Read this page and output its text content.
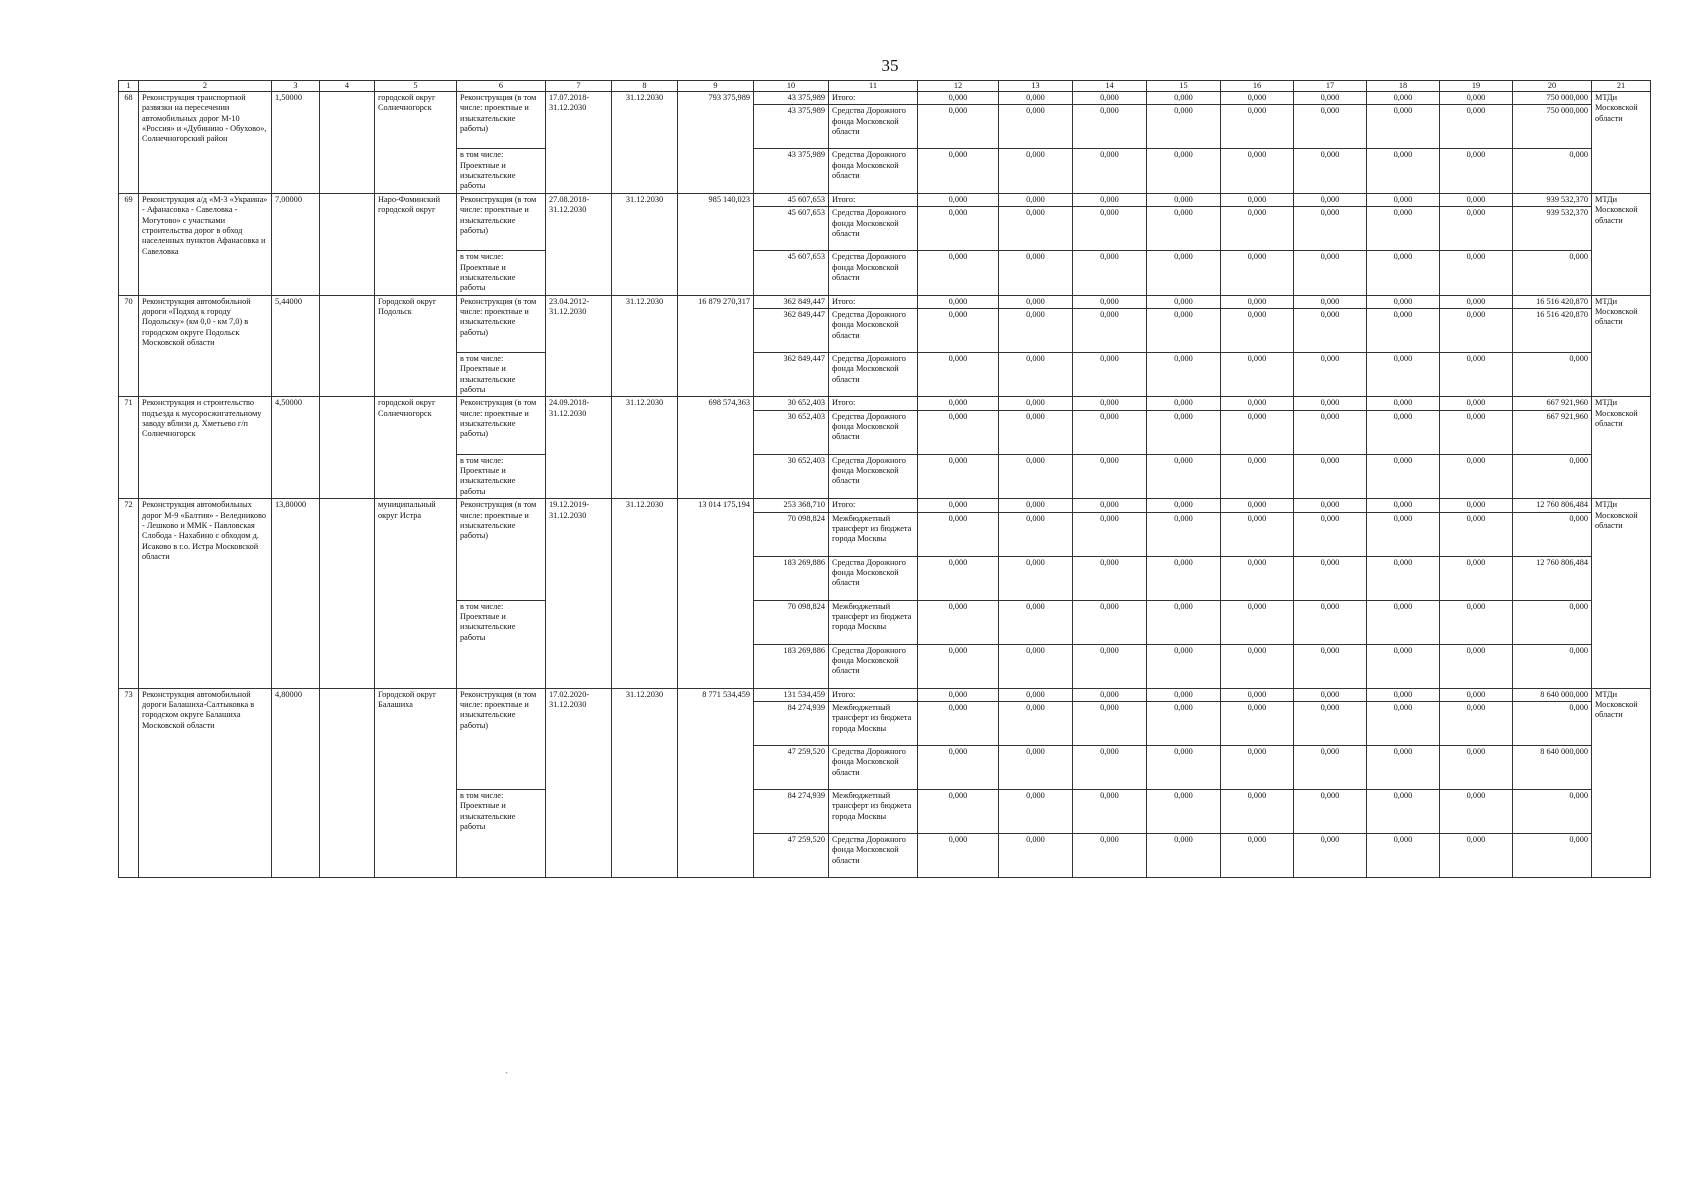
35
1	2	3	4	5	6	7	8	9	10	11	12	13	14	15	16	17	18	19	20	21
68	Реконструкция транспортной развязки на пересечении автомобильных дорог М-10 «Россия» и «Дубинино - Обухово», Солнечногорский район	1,50000		городской округ Солнечногорск	Реконструкция (в том числе: проектные и изыскательские работы)	17.07.2018-31.12.2030	31.12.2030	793 375,989	43 375,989	Итого:	0,000	0,000	0,000	0,000	0,000	0,000	0,000	0,000	750 000,000	МТДи Московской области
									43 375,989	Средства Дорожного фонда Московской области	0,000	0,000	0,000	0,000	0,000	0,000	0,000	0,000	750 000,000	
					в том числе: Проектные и изыскательские работы				43 375,989	Средства Дорожного фонда Московской области	0,000	0,000	0,000	0,000	0,000	0,000	0,000	0,000	0,000	
69	Реконструкция а/д «М-3 «Украина» - Афанасовка - Савеловка - Могутово» с участками строительства дорог в обход населенных пунктов Афанасовка и Савеловка	7,00000		Наро-Фоминский городской округ	Реконструкция (в том числе: проектные и изыскательские работы)	27.08.2018-31.12.2030	31.12.2030	985 140,023	45 607,653	Итого:	0,000	0,000	0,000	0,000	0,000	0,000	0,000	0,000	939 532,370	МТДи Московской области
									45 607,653	Средства Дорожного фонда Московской области	0,000	0,000	0,000	0,000	0,000	0,000	0,000	0,000	939 532,370	
					в том числе: Проектные и изыскательские работы				45 607,653	Средства Дорожного фонда Московской области	0,000	0,000	0,000	0,000	0,000	0,000	0,000	0,000	0,000	
70	Реконструкция автомобильной дороги «Подход к городу Подольску» (км 0,0 - км 7,0) в городском округе Подольск Московской области	5,44000		Городской округ Подольск	Реконструкция (в том числе: проектные и изыскательские работы)	23.04.2012-31.12.2030	31.12.2030	16 879 270,317	362 849,447	Итого:	0,000	0,000	0,000	0,000	0,000	0,000	0,000	0,000	16 516 420,870	МТДи Московской области
									362 849,447	Средства Дорожного фонда Московской области	0,000	0,000	0,000	0,000	0,000	0,000	0,000	0,000	16 516 420,870	
					в том числе: Проектные и изыскательские работы				362 849,447	Средства Дорожного фонда Московской области	0,000	0,000	0,000	0,000	0,000	0,000	0,000	0,000	0,000	
71	Реконструкция и строительство подъезда к мусоросжигательному заводу вблизи д. Хметьево г/п Солнечногорск	4,50000		городской округ Солнечногорск	Реконструкция (в том числе: проектные и изыскательские работы)	24.09.2018-31.12.2030	31.12.2030	698 574,363	30 652,403	Итого:	0,000	0,000	0,000	0,000	0,000	0,000	0,000	0,000	667 921,960	МТДи Московской области
									30 652,403	Средства Дорожного фонда Московской области	0,000	0,000	0,000	0,000	0,000	0,000	0,000	0,000	667 921,960	
					в том числе: Проектные и изыскательские работы				30 652,403	Средства Дорожного фонда Московской области	0,000	0,000	0,000	0,000	0,000	0,000	0,000	0,000	0,000	
72	Реконструкция автомобильных дорог М-9 «Балтия» - Веледниково - Лешково и ММК - Павловская Слобода - Нахабино с обходом д. Исаково в г.о. Истра Московской области	13,80000		муниципальный округ Истра	Реконструкция (в том числе: проектные и изыскательские работы)	19.12.2019-31.12.2030	31.12.2030	13 014 175,194	253 368,710	Итого:	0,000	0,000	0,000	0,000	0,000	0,000	0,000	0,000	12 760 806,484	МТДи Московской области
									70 098,824	Межбюджетный трансферт из бюджета города Москвы	0,000	0,000	0,000	0,000	0,000	0,000	0,000	0,000	0,000	
									183 269,886	Средства Дорожного фонда Московской области	0,000	0,000	0,000	0,000	0,000	0,000	0,000	0,000	12 760 806,484	
					в том числе: Проектные и изыскательские работы				70 098,824	Межбюджетный трансферт из бюджета города Москвы	0,000	0,000	0,000	0,000	0,000	0,000	0,000	0,000	0,000	
									183 269,886	Средства Дорожного фонда Московской области	0,000	0,000	0,000	0,000	0,000	0,000	0,000	0,000	0,000	
73	Реконструкция автомобильной дороги Балашиха-Салтыковка в городском округе Балашиха Московской области	4,80000		Городской округ Балашиха	Реконструкция (в том числе: проектные и изыскательские работы)	17.02.2020-31.12.2030	31.12.2030	8 771 534,459	131 534,459	Итого:	0,000	0,000	0,000	0,000	0,000	0,000	0,000	0,000	8 640 000,000	МТДи Московской области
									84 274,939	Межбюджетный трансферт из бюджета города Москвы	0,000	0,000	0,000	0,000	0,000	0,000	0,000	0,000	0,000	
									47 259,520	Средства Дорожного фонда Московской области	0,000	0,000	0,000	0,000	0,000	0,000	0,000	0,000	8 640 000,000	
					в том числе: Проектные и изыскательские работы				84 274,939	Межбюджетный трансферт из бюджета города Москвы	0,000	0,000	0,000	0,000	0,000	0,000	0,000	0,000	0,000	
									47 259,520	Средства Дорожного фонда Московской области	0,000	0,000	0,000	0,000	0,000	0,000	0,000	0,000	0,000	
ˎ
